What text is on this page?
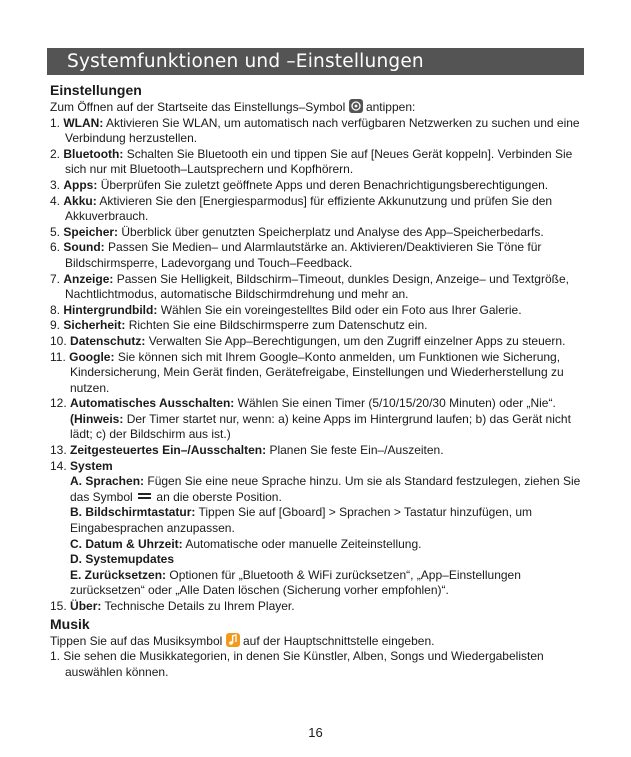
Systemfunktionen und –Einstellungen
Einstellungen

Zum Öffnen auf der Startseite das Einstellungs–Symbol antippen:

1. WLAN: Aktivieren Sie WLAN, um automatisch nach verfügbaren Netzwerken zu suchen und eine Verbindung herzustellen.

2. Bluetooth: Schalten Sie Bluetooth ein und tippen Sie auf [Neues Gerät koppeln]. Verbinden Sie sich nur mit Bluetooth–Lautsprechern und Kopfhörern.

3. Apps: Überprüfen Sie zuletzt geöffnete Apps und deren Benachrichtigungsberechtigungen.

4. Akku: Aktivieren Sie den [Energiesparmodus] für effiziente Akkunutzung und prüfen Sie den Akkuverbrauch.

5. Speicher: Überblick über genutzten Speicherplatz und Analyse des App–Speicherbedarfs.

6. Sound: Passen Sie Medien– und Alarmlautstärke an. Aktivieren/Deaktivieren Sie Töne für Bildschirmsperre, Ladevorgang und Touch–Feedback.

7. Anzeige: Passen Sie Helligkeit, Bildschirm–Timeout, dunkles Design, Anzeige– und Textgröße, Nachtlichtmodus, automatische Bildschirmdrehung und mehr an.

8. Hintergrundbild: Wählen Sie ein voreingestelltes Bild oder ein Foto aus Ihrer Galerie.

9. Sicherheit: Richten Sie eine Bildschirmsperre zum Datenschutz ein.

10. Datenschutz: Verwalten Sie App–Berechtigungen, um den Zugriff einzelner Apps zu steuern.

11. Google: Sie können sich mit Ihrem Google–Konto anmelden, um Funktionen wie Sicherung, Kindersicherung, Mein Gerät finden, Gerätefreigabe, Einstellungen und Wiederherstellung zu nutzen.

12. Automatisches Ausschalten: Wählen Sie einen Timer (5/10/15/20/30 Minuten) oder „Nie“.(Hinweis: Der Timer startet nur, wenn: a) keine Apps im Hintergrund laufen; b) das Gerät nicht lädt; c) der Bildschirm aus ist.)

13. Zeitgesteuertes Ein–/Ausschalten: Planen Sie feste Ein–/Auszeiten.

14. System

A. Sprachen: Fügen Sie eine neue Sprache hinzu. Um sie als Standard festzulegen, ziehen Sie das Symbol an die oberste Position.

B. Bildschirmtastatur: Tippen Sie auf [Gboard] > Sprachen > Tastatur hinzufügen, um Eingabesprachen anzupassen.

C. Datum & Uhrzeit: Automatische oder manuelle Zeiteinstellung.

D. Systemupdates

E. Zurücksetzen: Optionen für „Bluetooth & WiFi zurücksetzen“, „App–Einstellungen zurücksetzen“ oder „Alle Daten löschen (Sicherung vorher empfohlen)“.

15. Über: Technische Details zu Ihrem Player.

Musik

Tippen Sie auf das Musiksymbol auf der Hauptschnittstelle eingeben.

1. Sie sehen die Musikkategorien, in denen Sie Künstler, Alben, Songs und Wiedergabelisten auswählen können.

16
